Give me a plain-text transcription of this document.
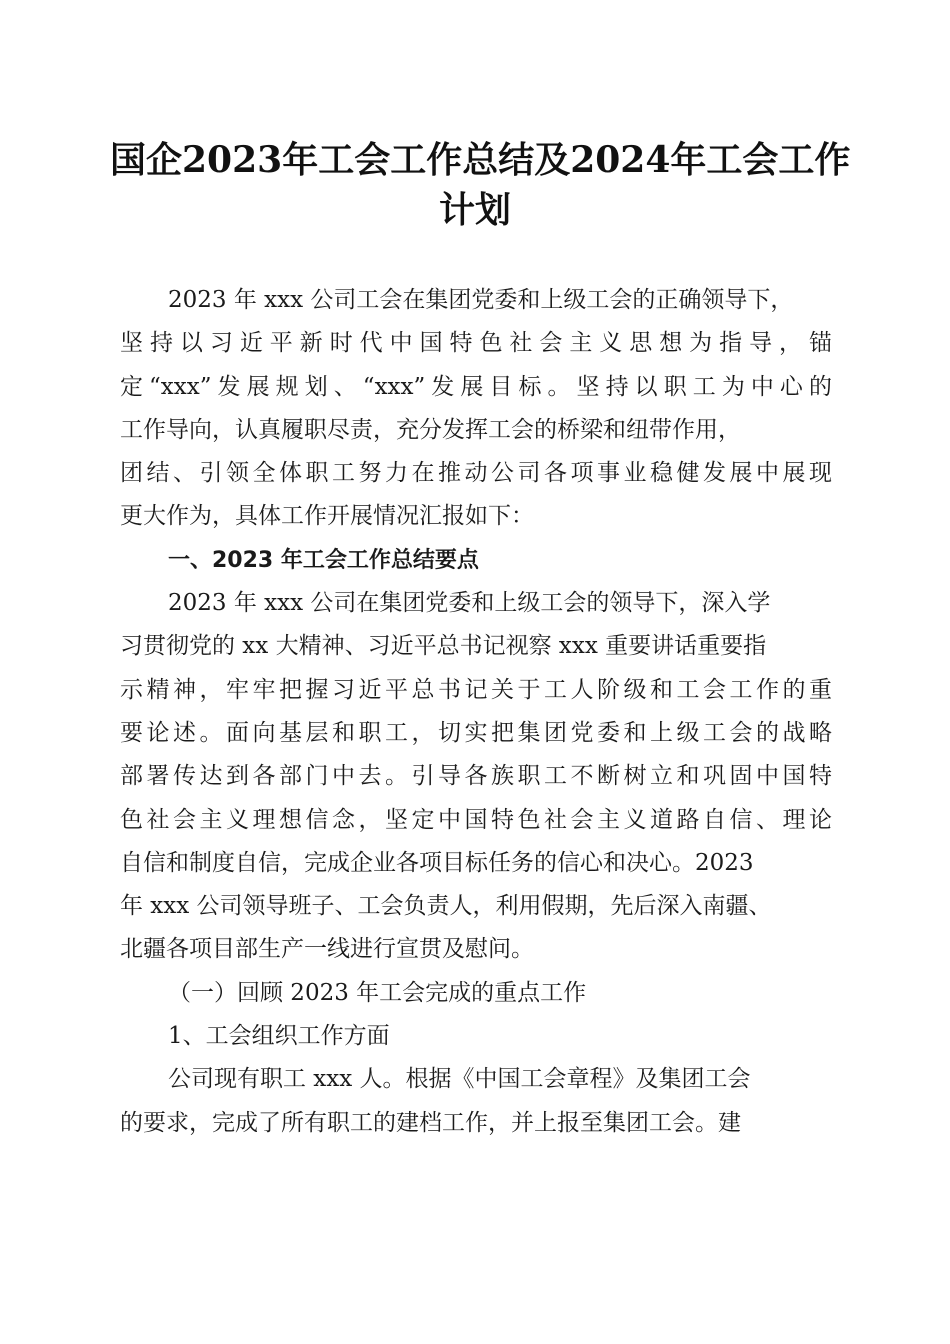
国企2023年工会工作总结及2024年工会工作
计划
2023 年 xxx 公司工会在集团党委和上级工会的正确领导下，
坚持以习近平新时代中国特色社会主义思想为指导，锚
定“xxx”发展规划、“xxx”发展目标。坚持以职工为中心的
工作导向，认真履职尽责，充分发挥工会的桥梁和纽带作用，
团结、引领全体职工努力在推动公司各项事业稳健发展中展现
更大作为，具体工作开展情况汇报如下：
一、2023 年工会工作总结要点
2023 年 xxx 公司在集团党委和上级工会的领导下，深入学
习贯彻党的 xx 大精神、习近平总书记视察 xxx 重要讲话重要指
示精神，牢牢把握习近平总书记关于工人阶级和工会工作的重
要论述。面向基层和职工，切实把集团党委和上级工会的战略
部署传达到各部门中去。引导各族职工不断树立和巩固中国特
色社会主义理想信念，坚定中国特色社会主义道路自信、理论
自信和制度自信，完成企业各项目标任务的信心和决心。2023
年 xxx 公司领导班子、工会负责人，利用假期，先后深入南疆、
北疆各项目部生产一线进行宣贯及慰问。
（一）回顾 2023 年工会完成的重点工作
1、工会组织工作方面
公司现有职工 xxx 人。根据《中国工会章程》及集团工会
的要求，完成了所有职工的建档工作，并上报至集团工会。建
